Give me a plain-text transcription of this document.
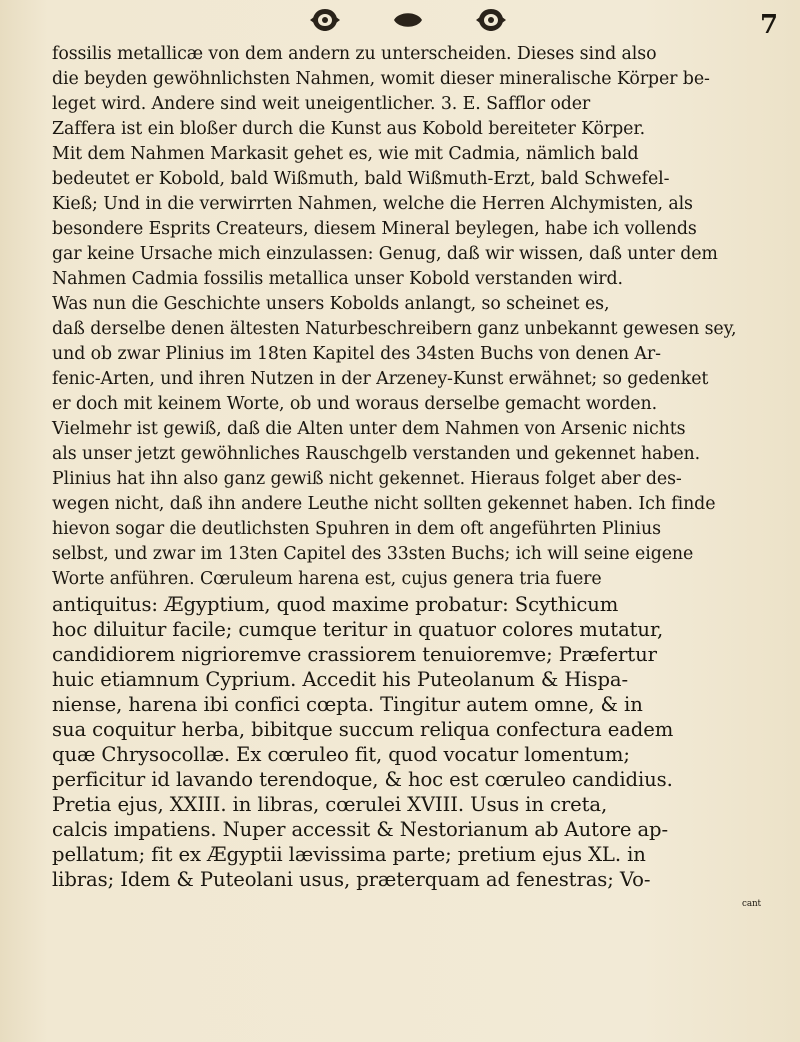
7
fossilis metallicæ von dem andern zu unterscheiden. Dieses sind also
die beyden gewöhnlichsten Nahmen, womit dieser mineralische Körper be-
leget wird. Andere sind weit uneigentlicher. 3. E. Safflor oder
Zaffera ist ein bloßer durch die Kunst aus Kobold bereiteter Körper.
Mit dem Nahmen Markasit gehet es, wie mit Cadmia, nämlich bald
bedeutet er Kobold, bald Wißmuth, bald Wißmuth-Erzt, bald Schwefel-
Kieß; Und in die verwirrten Nahmen, welche die Herren Alchymisten, als
besondere Esprits Createurs, diesem Mineral beylegen, habe ich vollends
gar keine Ursache mich einzulassen: Genug, daß wir wissen, daß unter dem
Nahmen Cadmia fossilis metallica unser Kobold verstanden wird.
Was nun die Geschichte unsers Kobolds anlangt, so scheinet es,
daß derselbe denen ältesten Naturbeschreibern ganz unbekannt gewesen sey,
und ob zwar Plinius im 18ten Kapitel des 34sten Buchs von denen Ar-
fenic-Arten, und ihren Nutzen in der Arzeney-Kunst erwähnet; so gedenket
er doch mit keinem Worte, ob und woraus derselbe gemacht worden.
Vielmehr ist gewiß, daß die Alten unter dem Nahmen von Arsenic nichts
als unser jetzt gewöhnliches Rauschgelb verstanden und gekennet haben.
Plinius hat ihn also ganz gewiß nicht gekennet. Hieraus folget aber des-
wegen nicht, daß ihn andere Leuthe nicht sollten gekennet haben. Ich finde
hievon sogar die deutlichsten Spuhren in dem oft angeführten Plinius
selbst, und zwar im 13ten Capitel des 33sten Buchs; ich will seine eigene
Worte anführen. Cœruleum harena est, cujus genera tria fuere
antiquitus: Ægyptium, quod maxime probatur: Scythicum
hoc diluitur facile; cumque teritur in quatuor colores mutatur,
candidiorem nigrioremve crassiorem tenuioremve; Præfertur
huic etiamnum Cyprium. Accedit his Puteolanum & Hispa-
niense, harena ibi confici cœpta. Tingitur autem omne, & in
sua coquitur herba, bibitque succum reliqua confectura eadem
quæ Chrysocollæ. Ex cœruleo fit, quod vocatur lomentum;
perficitur id lavando terendoque, & hoc est cœruleo candidius.
Pretia ejus, XXIII. in libras, cœrulei XVIII. Usus in creta,
calcis impatiens. Nuper accessit & Nestorianum ab Autore ap-
pellatum; fit ex Ægyptii lævissima parte; pretium ejus XL. in
libras; Idem & Puteolani usus, præterquam ad fenestras; Vo-
cant
